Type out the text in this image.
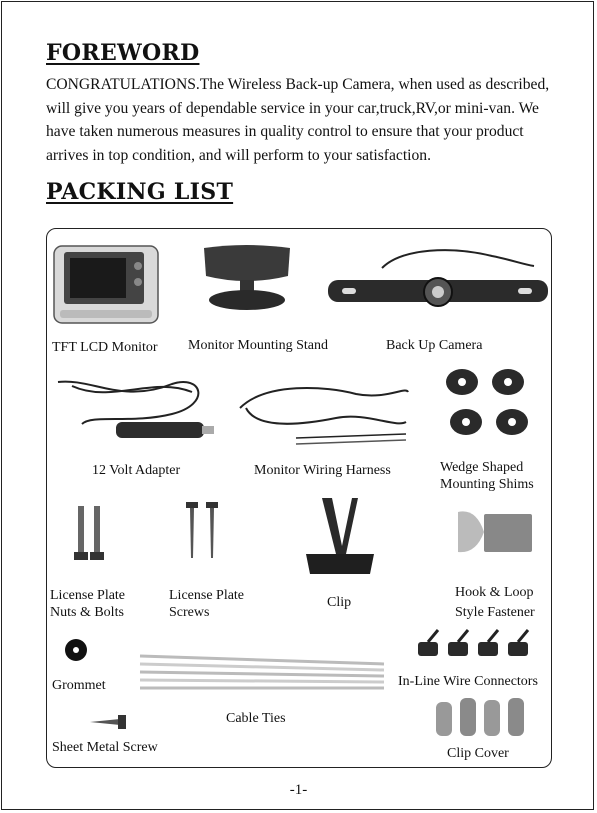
FOREWORD

CONGRATULATIONS.The Wireless Back-up Camera, when used as described, will give you years of dependable service in your car,truck,RV,or mini-van. We have taken numerous measures in quality control to ensure that your product arrives in top condition, and will perform to your satisfaction.

PACKING LIST
TFT LCD Monitor Monitor Mounting Stand	Back Up Camera
12 Volt Adapter	Monitor Wiring Harness	Wedge Shaped
Mounting Shims
License Plate
Nuts & Bolts
License Plate
Screws
Clip
Hook & Loop
Style Fastener
Grommet
Cable Ties
In-Line Wire Connectors
Sheet Metal Screw	Clip Cover
-1-
